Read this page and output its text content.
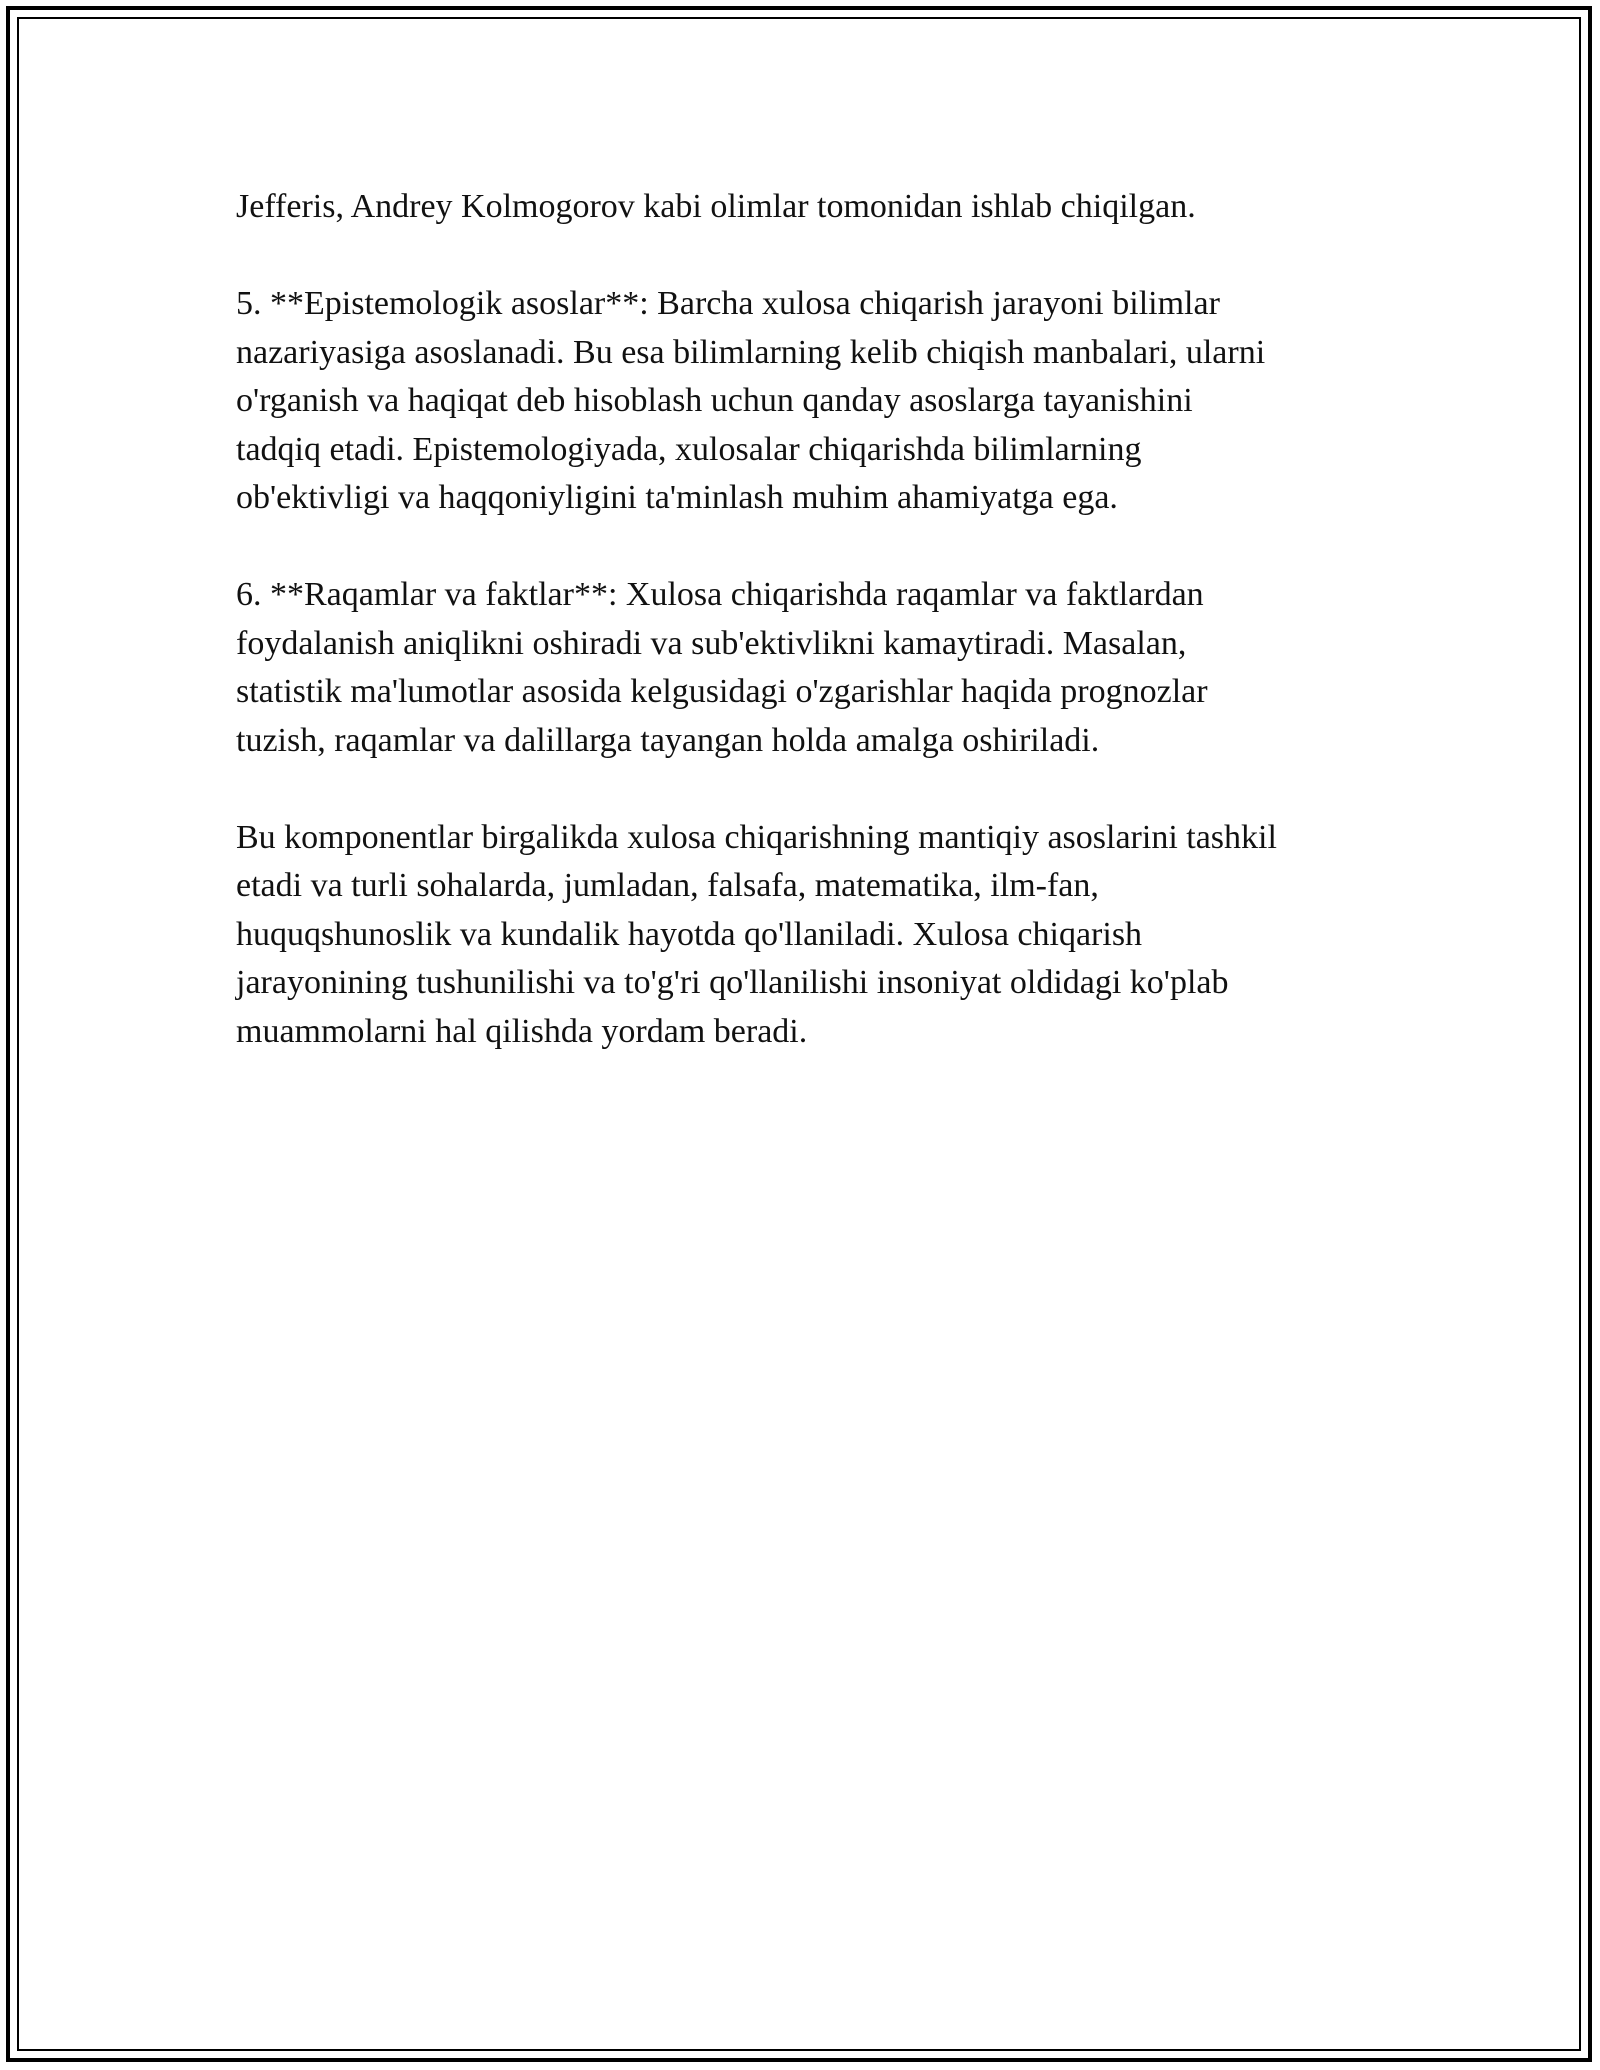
Jefferis, Andrey Kolmogorov kabi olimlar tomonidan ishlab chiqilgan.

5. **Epistemologik asoslar**: Barcha xulosa chiqarish jarayoni bilimlar
nazariyasiga asoslanadi. Bu esa bilimlarning kelib chiqish manbalari, ularni
o'rganish va haqiqat deb hisoblash uchun qanday asoslarga tayanishini
tadqiq etadi. Epistemologiyada, xulosalar chiqarishda bilimlarning
ob'ektivligi va haqqoniyligini ta'minlash muhim ahamiyatga ega.

6. **Raqamlar va faktlar**: Xulosa chiqarishda raqamlar va faktlardan
foydalanish aniqlikni oshiradi va sub'ektivlikni kamaytiradi. Masalan,
statistik ma'lumotlar asosida kelgusidagi o'zgarishlar haqida prognozlar
tuzish, raqamlar va dalillarga tayangan holda amalga oshiriladi.

Bu komponentlar birgalikda xulosa chiqarishning mantiqiy asoslarini tashkil
etadi va turli sohalarda, jumladan, falsafa, matematika, ilm-fan,
huquqshunoslik va kundalik hayotda qo'llaniladi. Xulosa chiqarish
jarayonining tushunilishi va to'g'ri qo'llanilishi insoniyat oldidagi ko'plab
muammolarni hal qilishda yordam beradi.
